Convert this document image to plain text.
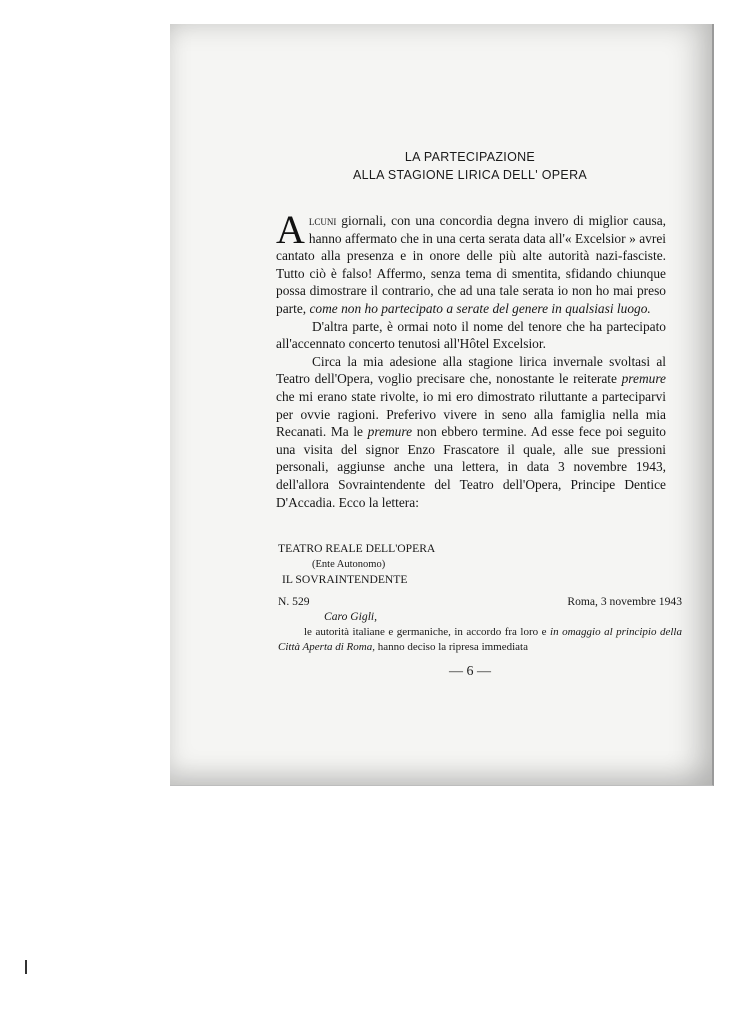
LA PARTECIPAZIONE
ALLA STAGIONE LIRICA DELL' OPERA

Alcuni giornali, con una concordia degna invero di miglior causa, hanno affermato che in una certa serata data all'« Excelsior » avrei cantato alla presenza e in onore delle più alte autorità nazi-fasciste. Tutto ciò è falso! Affermo, senza tema di smentita, sfidando chiunque possa dimostrare il contrario, che ad una tale serata io non ho mai preso parte, come non ho partecipato a serate del genere in qualsiasi luogo.

D'altra parte, è ormai noto il nome del tenore che ha partecipato all'accennato concerto tenutosi all'Hôtel Excelsior.

Circa la mia adesione alla stagione lirica invernale svoltasi al Teatro dell'Opera, voglio precisare che, nonostante le reiterate premure che mi erano state rivolte, io mi ero dimostrato riluttante a parteciparvi per ovvie ragioni. Preferivo vivere in seno alla famiglia nella mia Recanati. Ma le premure non ebbero termine. Ad esse fece poi seguito una visita del signor Enzo Frascatore il quale, alle sue pressioni personali, aggiunse anche una lettera, in data 3 novembre 1943, dell'allora Sovraintendente del Teatro dell'Opera, Principe Dentice D'Accadia. Ecco la lettera:

TEATRO REALE DELL'OPERA
(Ente Autonomo)
IL SOVRAINTENDENTE
N. 529	Roma, 3 novembre 1943
Caro Gigli,

le autorità italiane e germaniche, in accordo fra loro e in omaggio al principio della Città Aperta di Roma, hanno deciso la ripresa immediata

— 6 —
